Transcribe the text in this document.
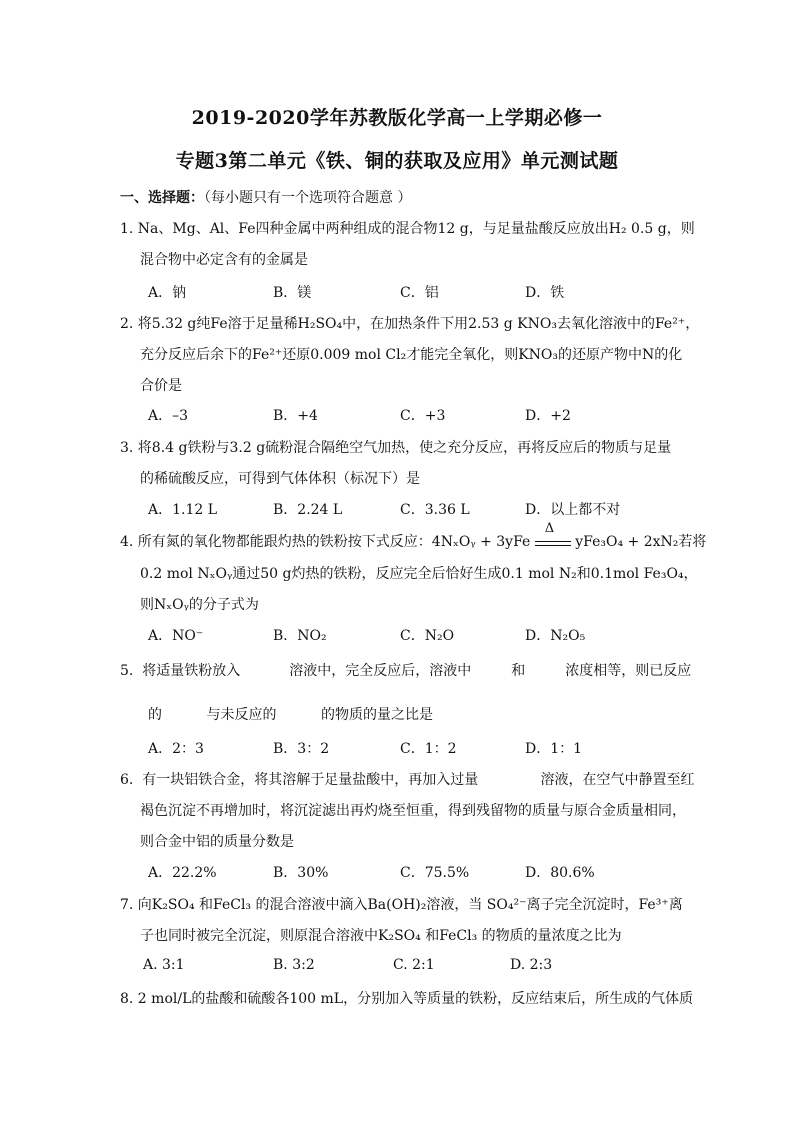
2019-2020学年苏教版化学高一上学期必修一
专题3第二单元《铁、铜的获取及应用》单元测试题
一、选择题：（每小题只有一个选项符合题意 ）
1. Na、Mg、Al、Fe四种金属中两种组成的混合物12 g，与足量盐酸反应放出H₂ 0.5 g，则
混合物中必定含有的金属是
A．钠	B．镁	C．铝	D．铁
2. 将5.32 g纯Fe溶于足量稀H₂SO₄中，在加热条件下用2.53 g KNO₃去氧化溶液中的Fe²⁺，
充分反应后余下的Fe²⁺还原0.009 mol Cl₂才能完全氧化，则KNO₃的还原产物中N的化
合价是
A．–3	B．+4	C．+3	D．+2
3. 将8.4 g铁粉与3.2 g硫粉混合隔绝空气加热，使之充分反应，再将反应后的物质与足量
的稀硫酸反应，可得到气体体积（标况下）是
A．1.12 L	B．2.24 L	C．3.36 L	D．以上都不对
4. 所有氮的氧化物都能跟灼热的铁粉按下式反应：4NₓOᵧ + 3yFe
Δ
yFe₃O₄ + 2xN₂若将
0.2 mol NₓOᵧ通过50 g灼热的铁粉，反应完全后恰好生成0.1 mol N₂和0.1mol Fe₃O₄，
则NₓOᵧ的分子式为
A．NO⁻	B．NO₂	C．N₂O	D．N₂O₅
5.  将适量铁粉放入           溶液中，完全反应后，溶液中         和         浓度相等，则已反应
的          与未反应的          的物质的量之比是
A．2：3	B．3：2	C．1：2	D．1：1
6.  有一块铝铁合金，将其溶解于足量盐酸中，再加入过量              溶液，在空气中静置至红
褐色沉淀不再增加时，将沉淀滤出再灼烧至恒重，得到残留物的质量与原合金质量相同，
则合金中铝的质量分数是
A．22.2%	B．30%	C．75.5%	D．80.6%
7. 向K₂SO₄ 和FeCl₃ 的混合溶液中滴入Ba(OH)₂溶液，当 SO₄²⁻离子完全沉淀时，Fe³⁺离
子也同时被完全沉淀，则原混合溶液中K₂SO₄ 和FeCl₃ 的物质的量浓度之比为
A. 3:1	B. 3:2	C. 2:1	D. 2:3
8. 2 mol/L的盐酸和硫酸各100 mL，分别加入等质量的铁粉，反应结束后，所生成的气体质
